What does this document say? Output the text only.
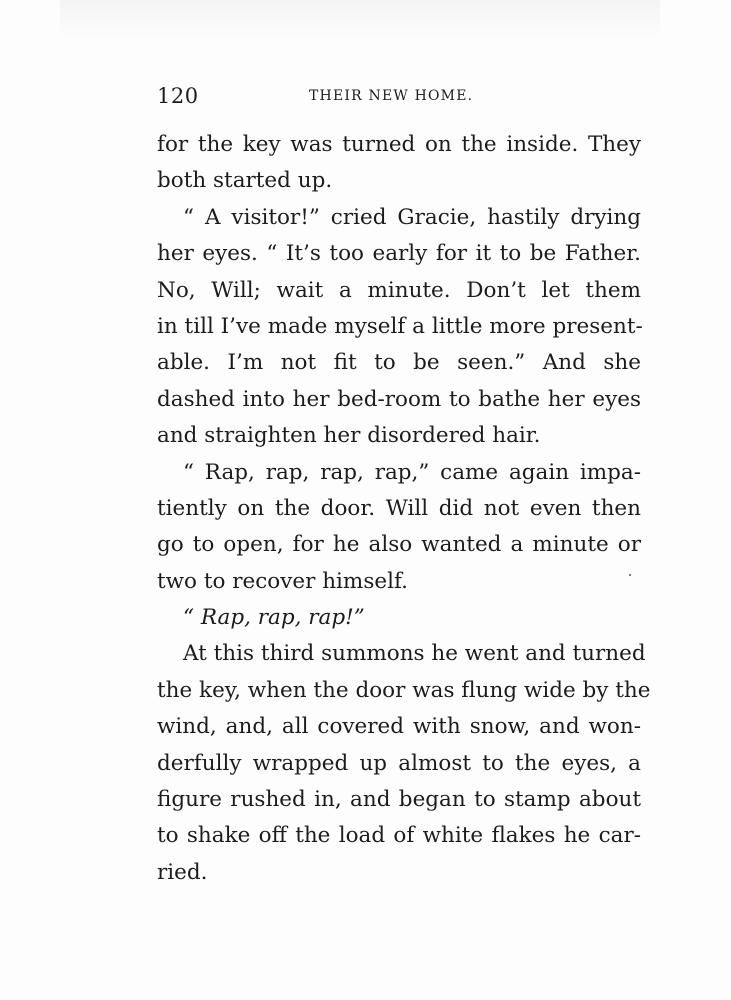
120	THEIR NEW HOME.
for the key was turned on the inside. They
both started up.
“ A visitor!” cried Gracie, hastily drying
her eyes. “ It’s too early for it to be Father.
No, Will; wait a minute. Don’t let them
in till I’ve made myself a little more present-
able. I’m not fit to be seen.” And she
dashed into her bed-room to bathe her eyes
and straighten her disordered hair.
“ Rap, rap, rap, rap,” came again impa-
tiently on the door. Will did not even then
go to open, for he also wanted a minute or
two to recover himself.
“ Rap, rap, rap!”
At this third summons he went and turned
the key, when the door was flung wide by the
wind, and, all covered with snow, and won-
derfully wrapped up almost to the eyes, a
figure rushed in, and began to stamp about
to shake off the load of white flakes he car-
ried.
